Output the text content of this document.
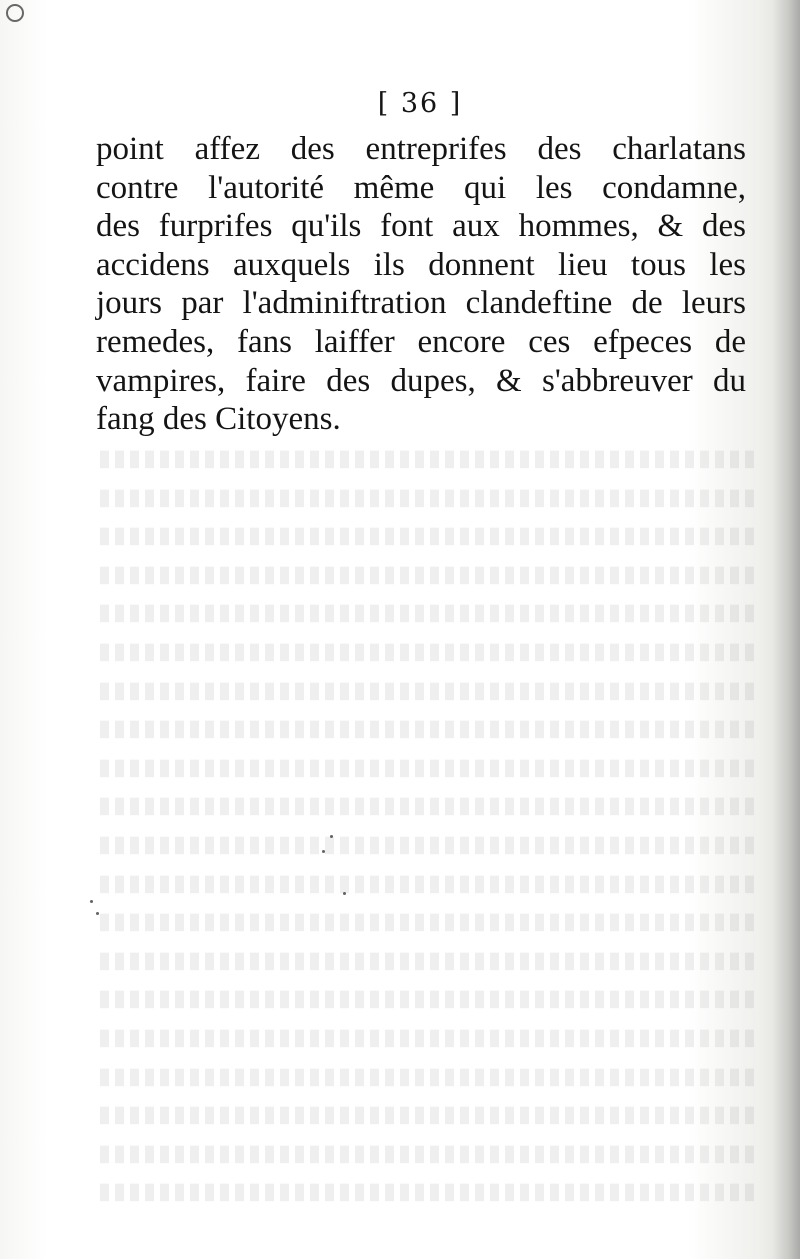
[ 36 ]
point affez des entreprifes des charlatans
contre l'autorité même qui les condamne,
des furprifes qu'ils font aux hommes, & des
accidens auxquels ils donnent lieu tous les
jours par l'adminiftration clandeftine de leurs
remedes, fans laiffer encore ces efpeces de
vampires, faire des dupes, & s'abbreuver du
fang des Citoyens.
